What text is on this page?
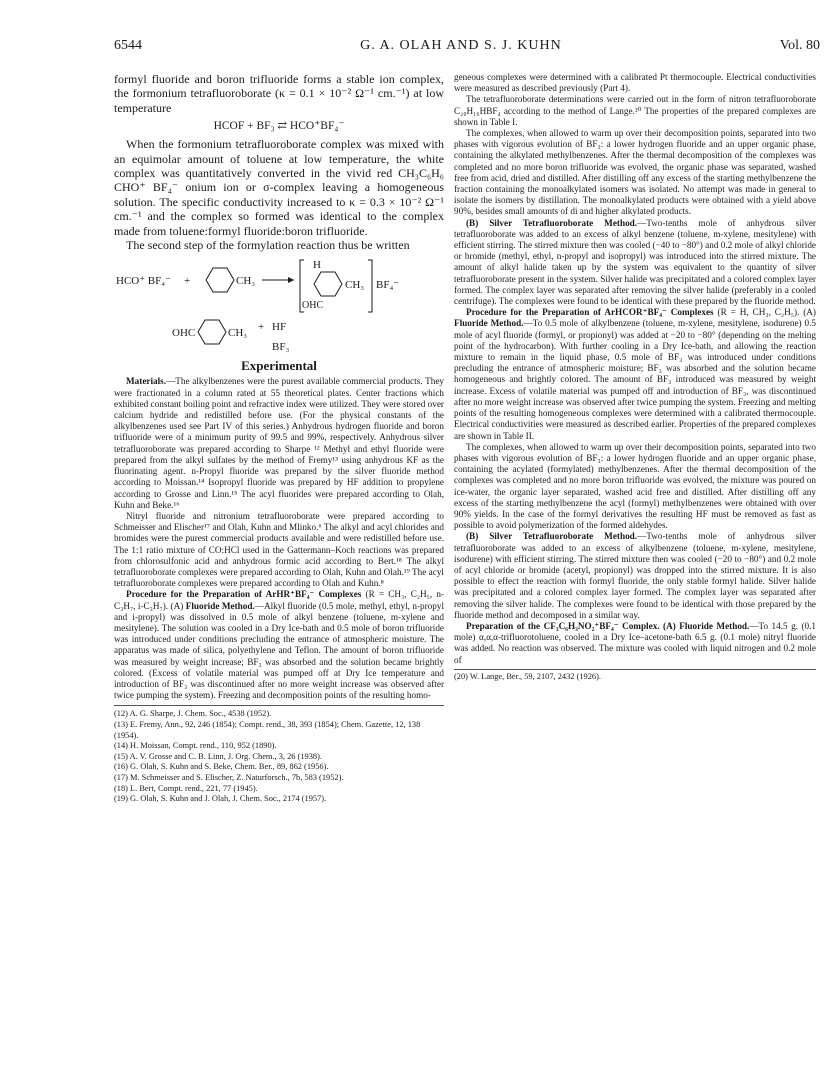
6544	G. A. OLAH AND S. J. KUHN	Vol. 80

formyl fluoride and boron trifluoride forms a stable ion complex, the formonium tetrafluoroborate (κ = 0.1 × 10⁻² Ω⁻¹ cm.⁻¹) at low temperature

HCOF + BF₃ ⇄ HCO⁺BF₄⁻

When the formonium tetrafluoroborate complex was mixed with an equimolar amount of toluene at low temperature, the white complex was quantitatively converted in the vivid red CH₃C₆H₆ CHO⁺ BF₄⁻ onium ion or σ-complex leaving a homogeneous solution. The specific conductivity increased to κ = 0.3 × 10⁻² Ω⁻¹ cm.⁻¹ and the complex so formed was identical to the complex made from toluene:formyl fluoride:boron trifluoride.

The second step of the formylation reaction thus be written

HCO⁺ BF₄⁻ +	CH₃
H
CH₃
OHC
BF₄⁻
OHC	CH₃ + HF
BF₃
Experimental

Materials.—The alkylbenzenes were the purest available commercial products. They were fractionated in a column rated at 55 theoretical plates. Center fractions which exhibited constant boiling point and refractive index were utilized. They were stored over calcium hydride and redistilled before use. (For the physical constants of the alkylbenzenes used see Part IV of this series.) Anhydrous hydrogen fluoride and boron trifluoride were of a minimum purity of 99.5 and 99%, respectively. Anhydrous silver tetrafluoroborate was prepared according to Sharpe ¹² Methyl and ethyl fluoride were prepared from the alkyl sulfates by the method of Fremy¹³ using anhydrous KF as the fluorinating agent. n-Propyl fluoride was prepared by the silver fluoride method according to Moissan.¹⁴ Isopropyl fluoride was prepared by HF addition to propylene according to Grosse and Linn.¹⁵ The acyl fluorides were prepared according to Olah, Kuhn and Beke.¹⁶

Nitryl fluoride and nitronium tetrafluoroborate were prepared according to Schmeisser and Elischer¹⁷ and Olah, Kuhn and Mlinko.⁶ The alkyl and acyl chlorides and bromides were the purest commercial products available and were redistilled before use. The 1:1 ratio mixture of CO:HCl used in the Gattermann–Koch reactions was prepared from chlorosulfonic acid and anhydrous formic acid according to Bert.¹⁸ The alkyl tetrafluoroborate complexes were prepared according to Olah, Kuhn and Olah.¹⁹ The acyl tetrafluoroborate complexes were prepared according to Olah and Kuhn.⁸

Procedure for the Preparation of ArHR⁺BF₄⁻ Complexes (R = CH₃, C₂H₅, n-C₃H₇, i-C₃H₇). (A) Fluoride Method.—Alkyl fluoride (0.5 mole, methyl, ethyl, n-propyl and i-propyl) was dissolved in 0.5 mole of alkyl benzene (toluene, m-xylene and mesitylene). The solution was cooled in a Dry Ice-bath and 0.5 mole of boron trifluoride was introduced under conditions precluding the entrance of atmospheric moisture. The apparatus was made of silica, polyethylene and Teflon. The amount of boron trifluoride was measured by weight increase; BF₃ was absorbed and the solution became brightly colored. (Excess of volatile material was pumped off at Dry Ice temperature and introduction of BF₃ was discontinued after no more weight increase was observed after twice pumping the system). Freezing and decomposition points of the resulting homo-

(12) A. G. Sharpe, J. Chem. Soc., 4538 (1952).

(13) E. Fremy, Ann., 92, 246 (1854); Compt. rend., 38, 393 (1854); Chem. Gazette, 12, 138 (1954).

(14) H. Moissan, Compt. rend., 110, 952 (1890).

(15) A. V. Grosse and C. B. Linn, J. Org. Chem., 3, 26 (1938).

(16) G. Olah, S. Kuhn and S. Beke, Chem. Ber., 89, 862 (1956).

(17) M. Schmeisser and S. Elischer, Z. Naturforsch., 7b, 583 (1952).

(18) L. Bert, Compt. rend., 221, 77 (1945).

(19) G. Olah, S. Kuhn and J. Olah, J. Chem. Soc., 2174 (1957).

geneous complexes were determined with a calibrated Pt thermocouple. Electrical conductivities were measured as described previously (Part 4).

The tetrafluoroborate determinations were carried out in the form of nitron tetrafluoroborate C₂₀H₁₆HBF₄ according to the method of Lange.²⁰ The properties of the prepared complexes are shown in Table I.

The complexes, when allowed to warm up over their decomposition points, separated into two phases with vigorous evolution of BF₃: a lower hydrogen fluoride and an upper organic phase, containing the alkylated methylbenzenes. After the thermal decomposition of the complexes was completed and no more boron trifluoride was evolved, the organic phase was separated, washed free from acid, dried and distilled. After distilling off any excess of the starting methylbenzene the fraction containing the monoalkylated isomers was isolated. No attempt was made in general to isolate the isomers by distillation. The monoalkylated products were obtained with a yield above 90%, besides small amounts of di and higher alkylated products.

(B) Silver Tetrafluoroborate Method.—Two-tenths mole of anhydrous silver tetrafluoroborate was added to an excess of alkyl benzene (toluene, m-xylene, mesitylene) with efficient stirring. The stirred mixture then was cooled (−40 to −80°) and 0.2 mole of alkyl chloride or bromide (methyl, ethyl, n-propyl and isopropyl) was introduced into the stirred mixture. The amount of alkyl halide taken up by the system was equivalent to the quantity of silver tetrafluoroborate present in the system. Silver halide was precipitated and a colored complex layer formed. The complex layer was separated after removing the silver halide (preferably in a cooled centrifuge). The complexes were found to be identical with these prepared by the fluoride method.

Procedure for the Preparation of ArHCOR⁺BF₄⁻ Complexes (R = H, CH₃, C₂H₅). (A) Fluoride Method.—To 0.5 mole of alkylbenzene (toluene, m-xylene, mesitylene, isodurene) 0.5 mole of acyl fluoride (formyl, or propionyl) was added at −20 to −80° (depending on the melting point of the hydrocarbon). With further cooling in a Dry Ice-bath, and allowing the reaction mixture to remain in the liquid phase, 0.5 mole of BF₃ was introduced under conditions precluding the entrance of atmospheric moisture; BF₃ was absorbed and the solution became homogeneous and brightly colored. The amount of BF₃ introduced was measured by weight increase. Excess of volatile material was pumped off and introduction of BF₃, was discontinued after no more weight increase was observed after twice pumping the system. Freezing and melting points of the resulting homogeneous complexes were determined with a calibrated thermocouple. Electrical conductivities were measured as described earlier. Properties of the prepared complexes are shown in Table II.

The complexes, when allowed to warm up over their decomposition points, separated into two phases with vigorous evolution of BF₃: a lower hydrogen fluoride and an upper organic phase, containing the acylated (formylated) methylbenzenes. After the thermal decomposition of the complexes was completed and no more boron trifluoride was evolved, the mixture was poured on ice-water, the organic layer separated, washed acid free and distilled. After distilling off any excess of the starting methylbenzene the acyl (formyl) methylbenzenes were obtained with over 90% yields. In the case of the formyl derivatives the resulting HF must be removed as fast as possible to avoid polymerization of the formed aldehydes.

(B) Silver Tetrafluoroborate Method.—Two-tenths mole of anhydrous silver tetrafluoroborate was added to an excess of alkylbenzene (toluene, m-xylene, mesitylene, isodurene) with efficient stirring. The stirred mixture then was cooled (−20 to −80°) and 0.2 mole of acyl chloride or bromide (acetyl, propionyl) was dropped into the stirred mixture. It is also possible to effect the reaction with formyl fluoride, the only stable formyl halide. Silver halide was precipitated and a colored complex layer formed. The complex layer was separated after removing the silver halide. The complexes were found to be identical with those prepared by the fluoride method and decomposed in a similar way.

Preparation of the CF₃C₆H₃NO₂⁺BF₄⁻ Complex. (A) Fluoride Method.—To 14.5 g. (0.1 mole) α,α,α-trifluorotoluene, cooled in a Dry Ice–acetone-bath 6.5 g. (0.1 mole) nitryl fluoride was added. No reaction was observed. The mixture was cooled with liquid nitrogen and 0.2 mole of

(20) W. Lange, Ber., 59, 2107, 2432 (1926).
